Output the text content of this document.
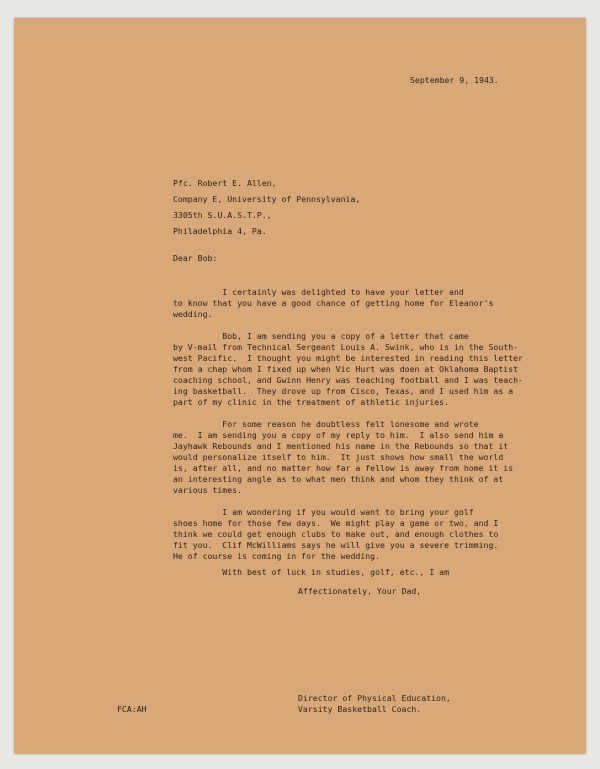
September 9, 1943.
Pfc. Robert E. Allen,
Company E, University of Pennsylvania,
3305th S.U.A.S.T.P.,
Philadelphia 4, Pa.
Dear Bob:
I certainly was delighted to have your letter and
to know that you have a good chance of getting home for Eleanor's
wedding.
Bob, I am sending you a copy of a letter that came
by V-mail from Technical Sergeant Louis A. Swink, who is in the South-
west Pacific.  I thought you might be interested in reading this letter
from a chap whom I fixed up when Vic Hurt was doen at Oklahoma Baptist
coaching school, and Gwinn Henry was teaching football and I was teach-
ing basketball.  They drove up from Cisco, Texas, and I used him as a
part of my clinic in the treatment of athletic injuries.
For some reason he doubtless felt lonesome and wrote
me.  I am sending you a copy of my reply to him.  I also send him a
Jayhawk Rebounds and I mentioned his name in the Rebounds so that it
would personalize itself to him.  It just shows how small the world
is, after all, and no matter how far a fellow is away from home it is
an interesting angle as to what men think and whom they think of at
various times.
I am wondering if you would want to bring your golf
shoes home for those few days.  We might play a game or two, and I
think we could get enough clubs to make out, and enough clothes to
fit you.  Clif McWilliams says he will give you a severe trimming.
He of course is coming in for the wedding.
With best of luck in studies, golf, etc., I am
Affectionately, Your Dad,
Director of Physical Education,
Varsity Basketball Coach.
FCA:AH
